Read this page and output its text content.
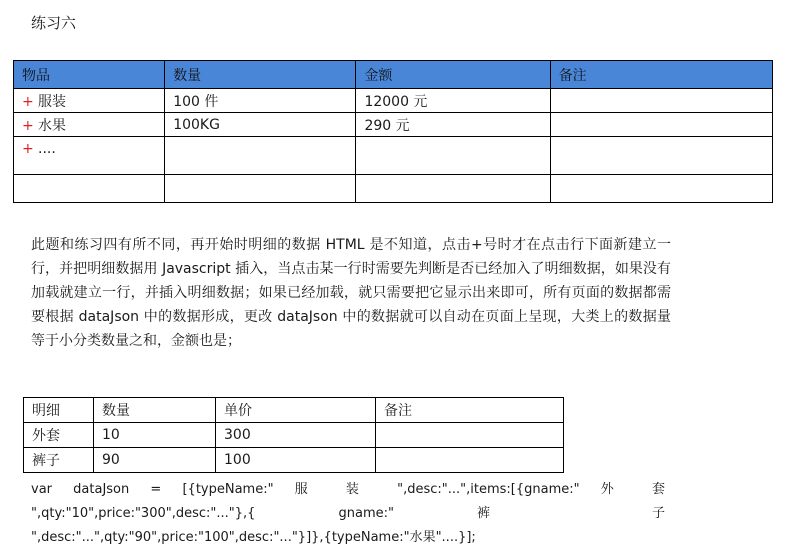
练习六
物品	数量	金额	备注
+ 服装	100 件	12000 元	
+ 水果	100KG	290 元	
+ ....			

此题和练习四有所不同，再开始时明细的数据 HTML 是不知道，点击+号时才在点击行下面新建立一行，并把明细数据用 Javascript 插入，当点击某一行时需要先判断是否已经加入了明细数据，如果没有加载就建立一行，并插入明细数据；如果已经加载，就只需要把它显示出来即可，所有页面的数据都需要根据 dataJson 中的数据形成，更改 dataJson 中的数据就可以自动在页面上呈现，大类上的数据量等于小分类数量之和，金额也是；
明细	数量	单价	备注
外套	10	300	
裤子	90	100	
var dataJson = [{typeName:" 服 装 ",desc:"...",items:[{gname:" 外 套
",qty:"10",price:"300",desc:"..."},{ gname:" 裤 子
",desc:"...",qty:"90",price:"100",desc:"..."}]},{typeName:"水果"....}];
